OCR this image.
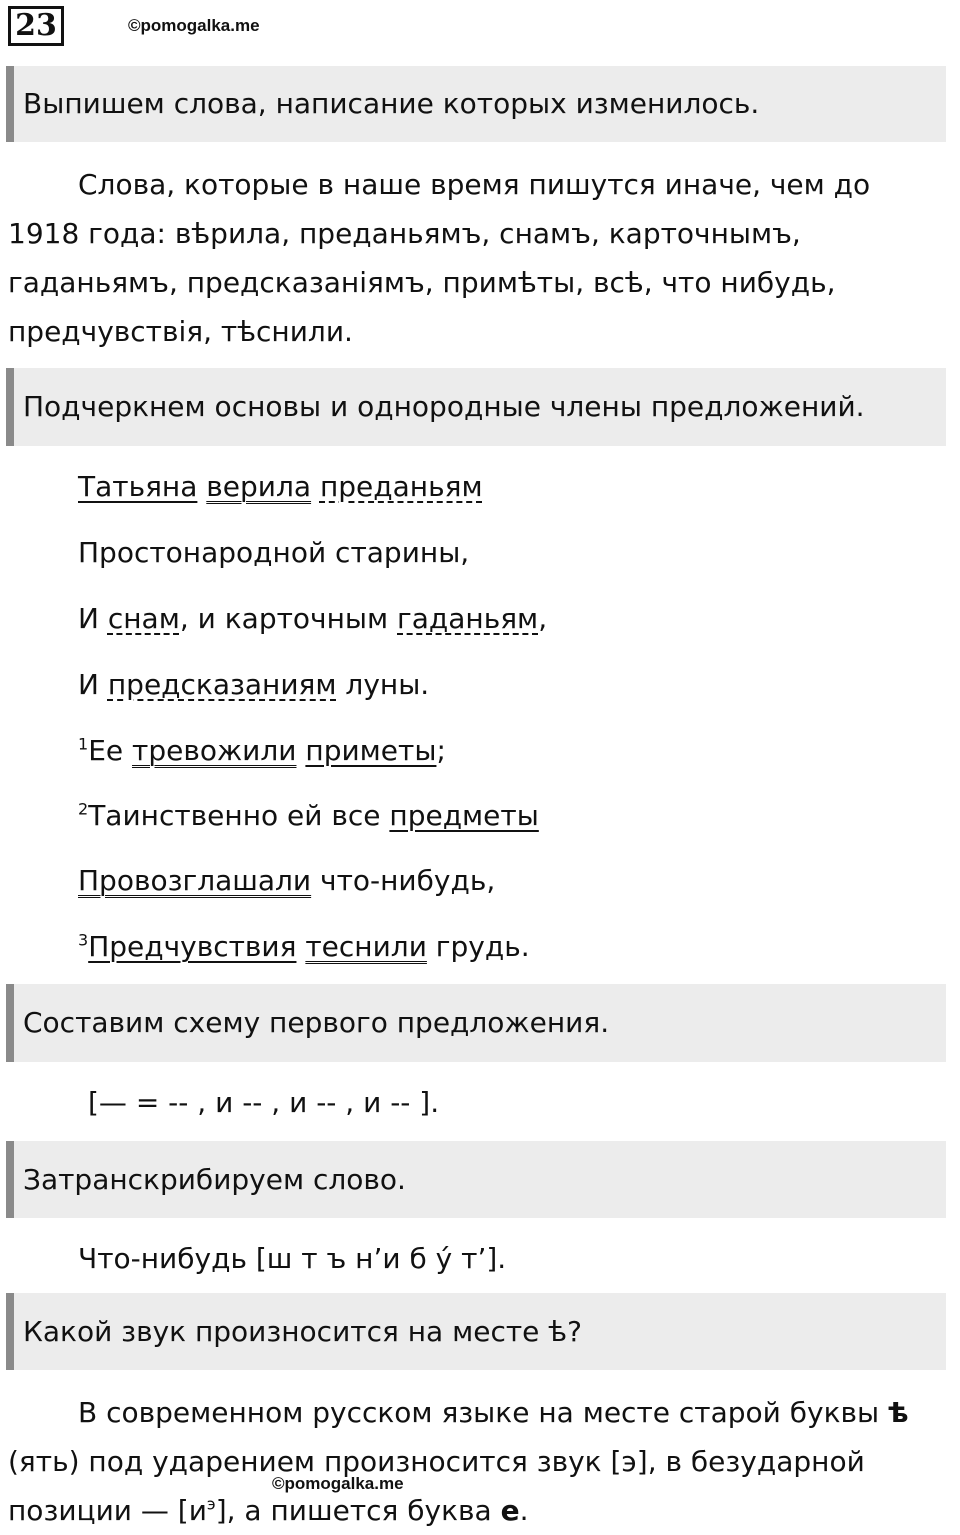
23	©pomogalka.me
Выпишем слова, написание которых изменилось.
Слова, которые в наше время пишутся иначе, чем до
1918 года: вѣрила, преданьямъ, снамъ, карточнымъ,
гаданьямъ, предсказаніямъ, примѣты, всѣ, что нибудь,
предчувствія, тѣснили.
Подчеркнем основы и однородные члены предложений.
Татьяна верила преданьям
Простонародной старины,
И снам, и карточным гаданьям,
И предсказаниям луны.
$^1$Ее тревожили приметы;
$^2$Таинственно ей все предметы
Провозглашали что-нибудь,
$^3$Предчувствия теснили грудь.
Составим схему первого предложения.
[— = -- , и -- , и -- , и -- ].
Затранскрибируем слово.
Что-нибудь [ш т ъ н’и б у́ т’].
Какой звук произносится на месте ѣ?
В современном русском языке на месте старой буквы ѣ
(ять) под ударением произносится звук [э], в безударной
позиции — $[и^э]$, а пишется буква е.
©pomogalka.me
